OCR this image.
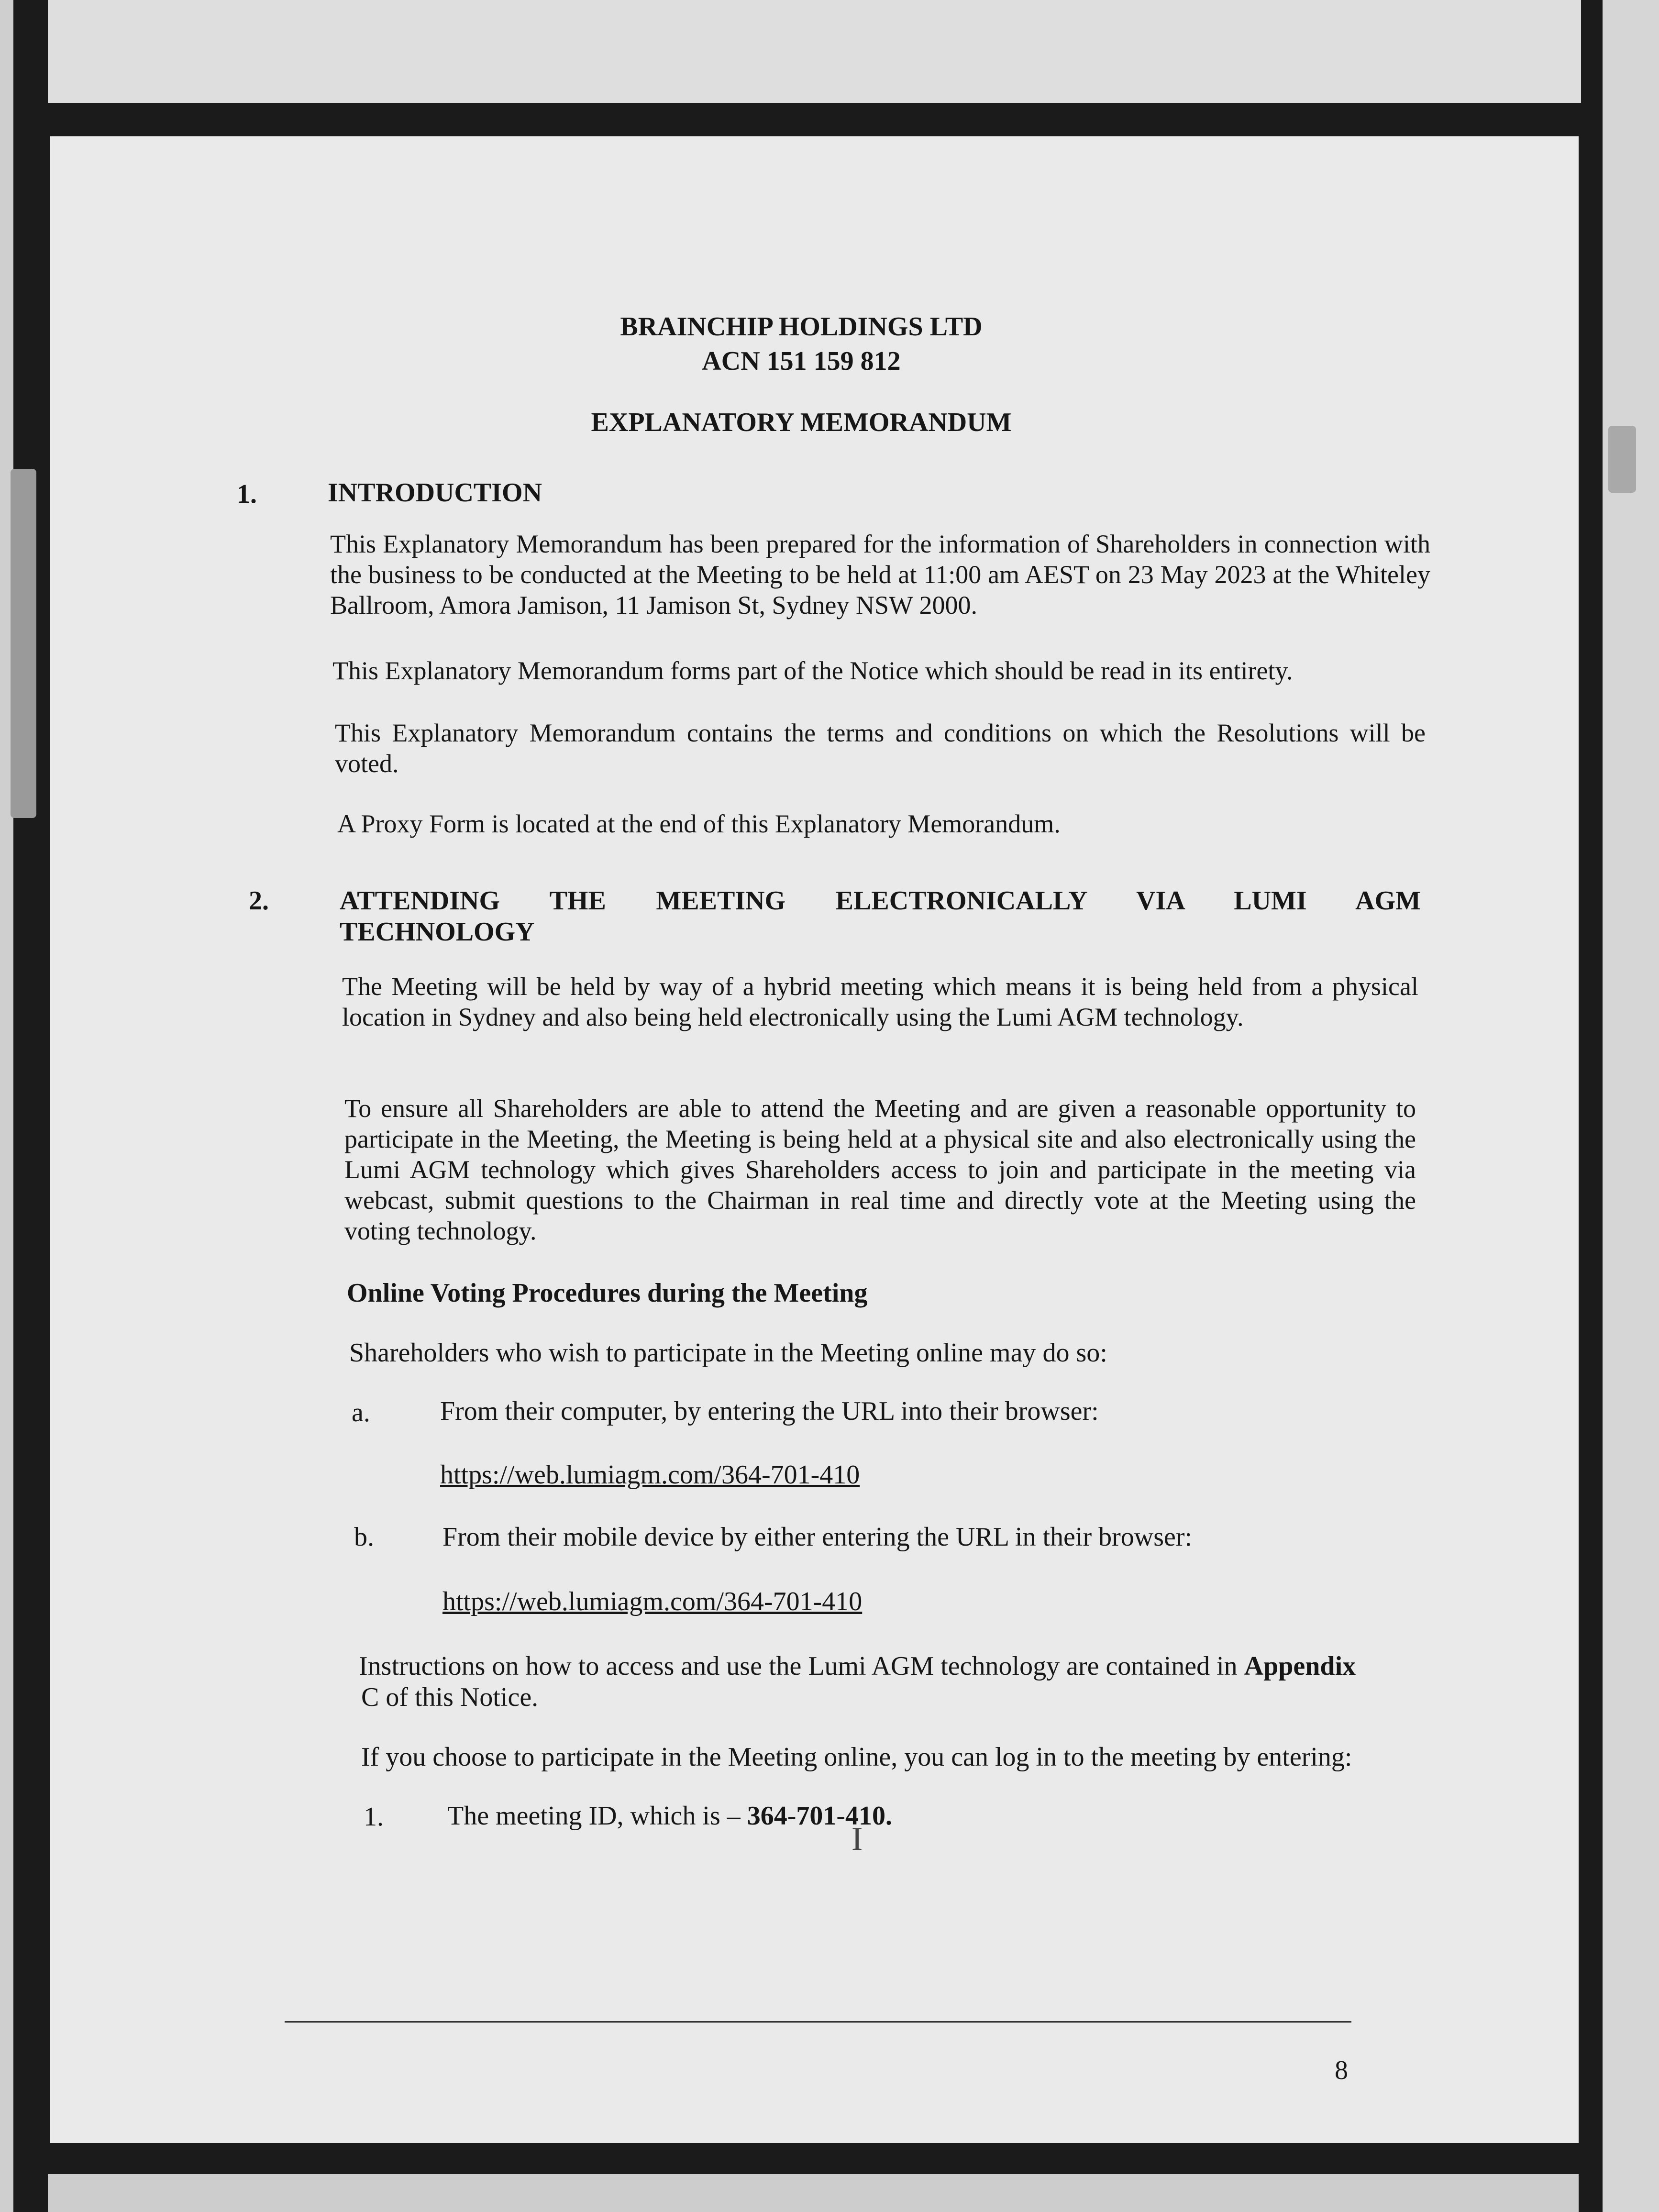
BRAINCHIP HOLDINGS LTD
ACN 151 159 812
EXPLANATORY MEMORANDUM
1.	INTRODUCTION
This Explanatory Memorandum has been prepared for the information of Shareholders in connection with the business to be conducted at the Meeting to be held at 11:00 am AEST on 23 May 2023 at the Whiteley Ballroom, Amora Jamison, 11 Jamison St, Sydney NSW 2000.
This Explanatory Memorandum forms part of the Notice which should be read in its entirety.
This Explanatory Memorandum contains the terms and conditions on which the Resolutions will be voted.
A Proxy Form is located at the end of this Explanatory Memorandum.
2.	ATTENDING THE MEETING ELECTRONICALLY VIA LUMI AGM
TECHNOLOGY
The Meeting will be held by way of a hybrid meeting which means it is being held from a physical location in Sydney and also being held electronically using the Lumi AGM technology.
To ensure all Shareholders are able to attend the Meeting and are given a reasonable opportunity to participate in the Meeting, the Meeting is being held at a physical site and also electronically using the Lumi AGM technology which gives Shareholders access to join and participate in the meeting via webcast, submit questions to the Chairman in real time and directly vote at the Meeting using the voting technology.
Online Voting Procedures during the Meeting
Shareholders who wish to participate in the Meeting online may do so:
a.	From their computer, by entering the URL into their browser:
https://web.lumiagm.com/364-701-410
b.	From their mobile device by either entering the URL in their browser:
https://web.lumiagm.com/364-701-410
Instructions on how to access and use the Lumi AGM technology are contained in Appendix
C of this Notice.
If you choose to participate in the Meeting online, you can log in to the meeting by entering:
1. The meeting ID, which is – 364-701-410.
8
I
